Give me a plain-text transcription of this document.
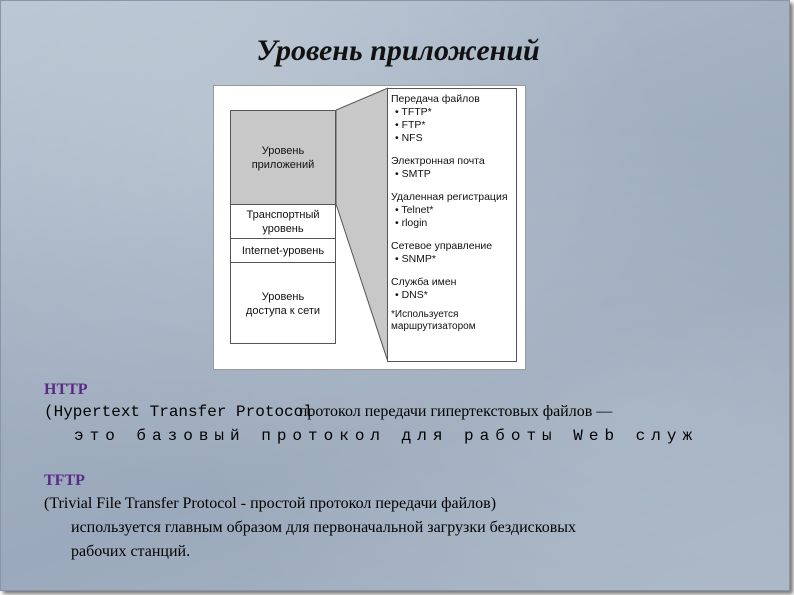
Уровень приложений
Уровень
приложений
Транспортный
уровень
Internet-уровень
Уровень
доступа к сети
Передача файлов
• TFTP*
• FTP*
• NFS
Электронная почта
• SMTP
Удаленная регистрация
• Telnet*
• rlogin
Сетевое управление
• SNMP*
Служба имен
• DNS*
*Используется
маршрутизатором
HTTP
(Hypertext Transfer Protocolпротокол передачи гипертекстовых файлов —
это базовый протокол для работы Web служ
TFTP
(Trivial File Transfer Protocol - простой протокол передачи файлов)
используется главным образом для первоначальной загрузки бездисковых
рабочих станций.
